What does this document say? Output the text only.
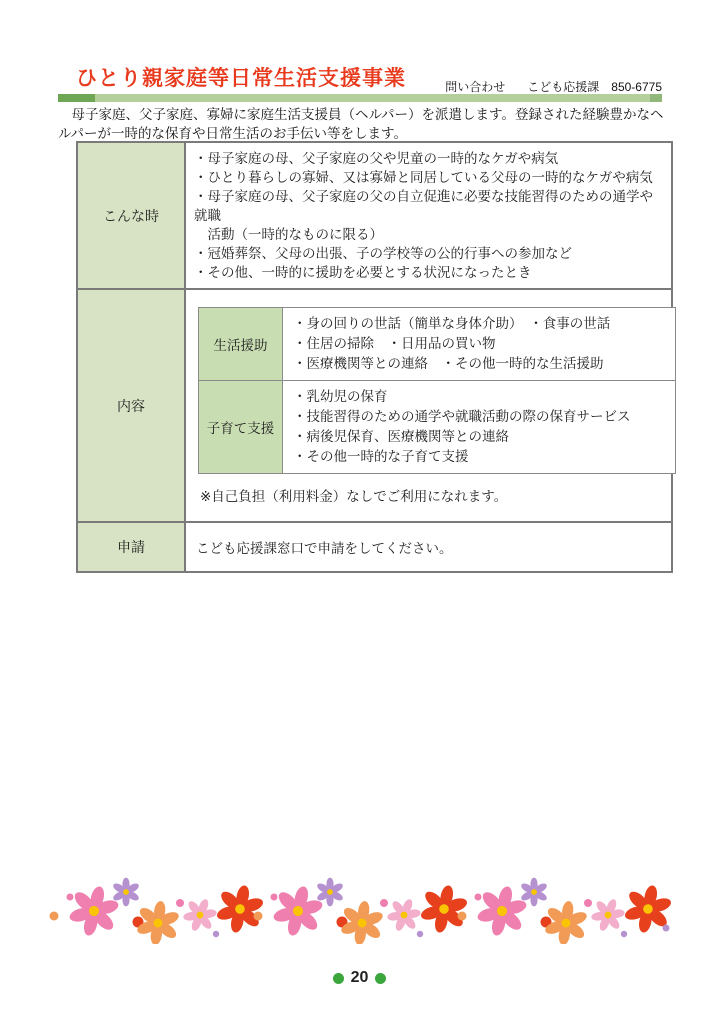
ひとり親家庭等日常生活支援事業	問い合わせ こども応援課 850-6775

　母子家庭、父子家庭、寡婦に家庭生活支援員（ヘルパー）を派遣します。登録された経験豊かなヘルパーが一時的な保育や日常生活のお手伝い等をします。

こんな時
・母子家庭の母、父子家庭の父や児童の一時的なケガや病気
・ひとり暮らしの寡婦、又は寡婦と同居している父母の一時的なケガや病気
・母子家庭の母、父子家庭の父の自立促進に必要な技能習得のための通学や就職
　活動（一時的なものに限る）
・冠婚葬祭、父母の出張、子の学校等の公的行事への参加など
・その他、一時的に援助を必要とする状況になったとき
内容
生活援助
・身の回りの世話（簡単な身体介助）　・食事の世話
・住居の掃除　・日用品の買い物
・医療機関等との連絡　・その他一時的な生活援助
子育て支援
・乳幼児の保育
・技能習得のための通学や就職活動の際の保育サービス
・病後児保育、医療機関等との連絡
・その他一時的な子育て支援
※自己負担（利用料金）なしでご利用になれます。
申請	こども応援課窓口で申請をしてください。
20
